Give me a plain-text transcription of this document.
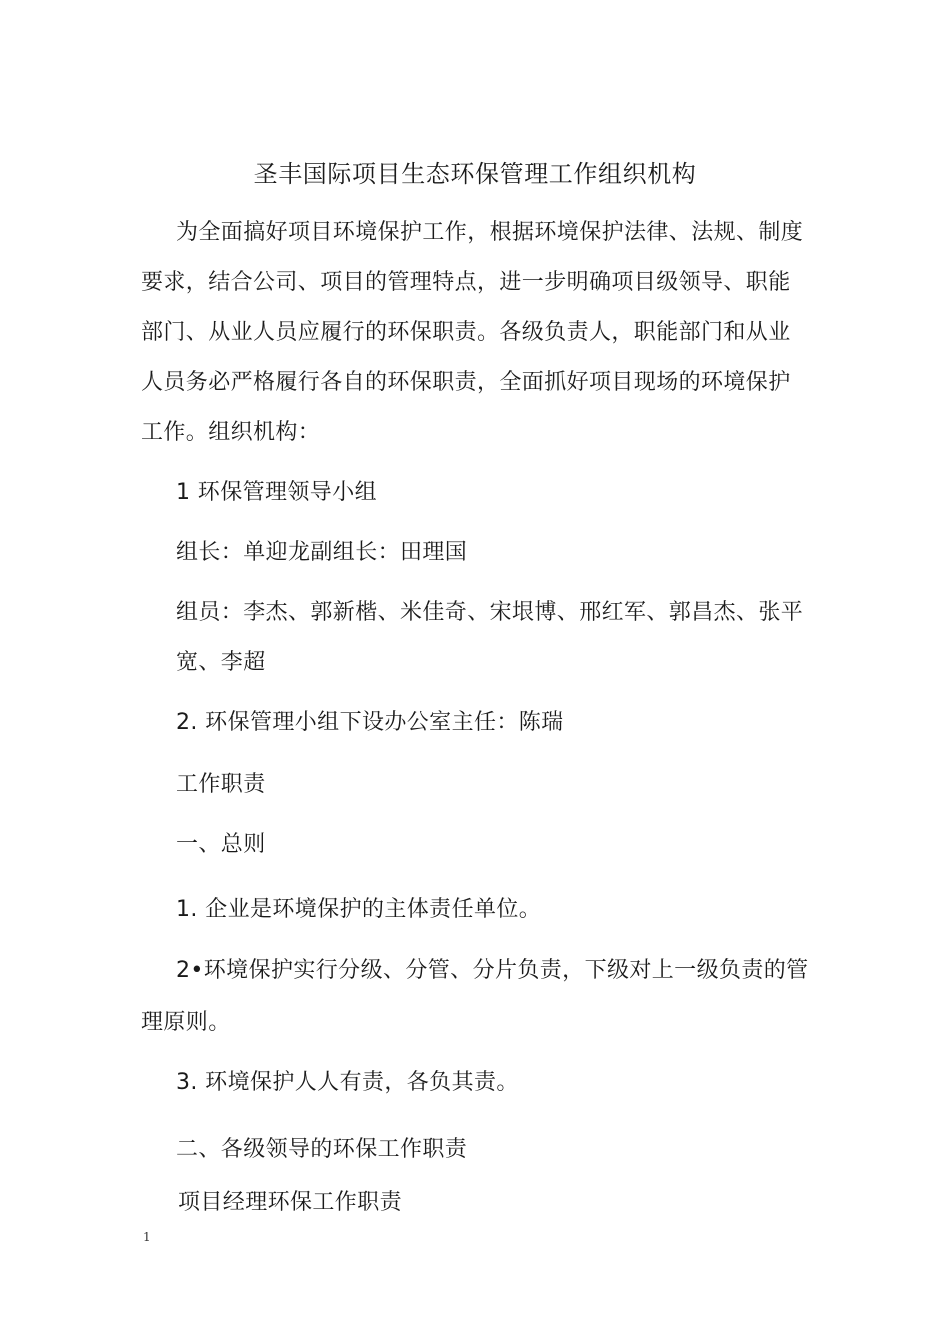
圣丰国际项目生态环保管理工作组织机构
为全面搞好项目环境保护工作，根据环境保护法律、法规、制度
要求，结合公司、项目的管理特点，进一步明确项目级领导、职能
部门、从业人员应履行的环保职责。各级负责人，职能部门和从业
人员务必严格履行各自的环保职责，全面抓好项目现场的环境保护
工作。组织机构：
1 环保管理领导小组
组长：单迎龙副组长：田理国
组员：李杰、郭新楷、米佳奇、宋垠博、邢红军、郭昌杰、张平
宽、李超
2. 环保管理小组下设办公室主任：陈瑞
工作职责
一、总则
1. 企业是环境保护的主体责任单位。
2•环境保护实行分级、分管、分片负责，下级对上一级负责的管
理原则。
3. 环境保护人人有责，各负其责。
二、各级领导的环保工作职责
项目经理环保工作职责
1
